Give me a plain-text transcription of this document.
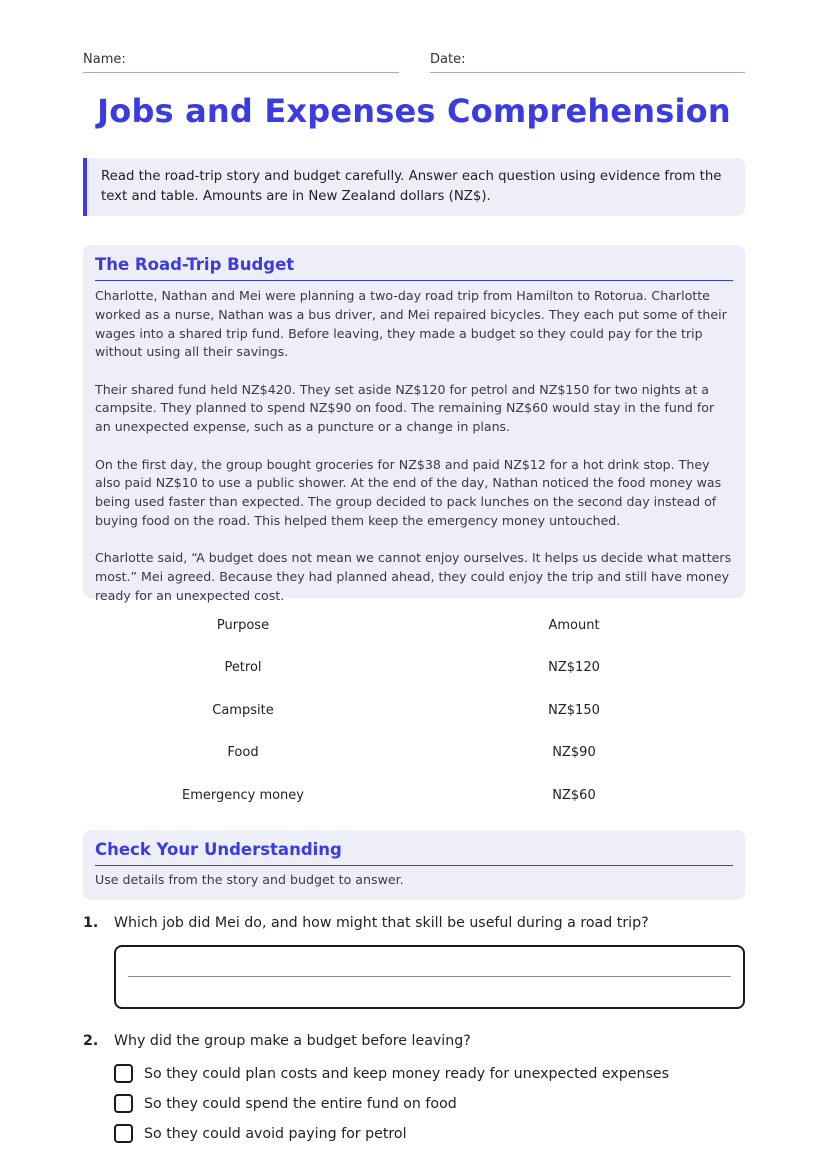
Name:	Date:
Jobs and Expenses Comprehension
Read the road-trip story and budget carefully. Answer each question using evidence from the text and table. Amounts are in New Zealand dollars (NZ$).
The Road-Trip Budget

Charlotte, Nathan and Mei were planning a two-day road trip from Hamilton to Rotorua. Charlotte worked as a nurse, Nathan was a bus driver, and Mei repaired bicycles. They each put some of their wages into a shared trip fund. Before leaving, they made a budget so they could pay for the trip without using all their savings.

Their shared fund held NZ$420. They set aside NZ$120 for petrol and NZ$150 for two nights at a campsite. They planned to spend NZ$90 on food. The remaining NZ$60 would stay in the fund for an unexpected expense, such as a puncture or a change in plans.

On the first day, the group bought groceries for NZ$38 and paid NZ$12 for a hot drink stop. They also paid NZ$10 to use a public shower. At the end of the day, Nathan noticed the food money was being used faster than expected. The group decided to pack lunches on the second day instead of buying food on the road. This helped them keep the emergency money untouched.

Charlotte said, “A budget does not mean we cannot enjoy ourselves. It helps us decide what matters most.” Mei agreed. Because they had planned ahead, they could enjoy the trip and still have money ready for an unexpected cost.

Purpose	Amount
Petrol	NZ$120
Campsite	NZ$150
Food	NZ$90
Emergency money	NZ$60
Check Your Understanding
Use details from the story and budget to answer.
1. Which job did Mei do, and how might that skill be useful during a road trip?
2. Why did the group make a budget before leaving?
So they could plan costs and keep money ready for unexpected expenses
So they could spend the entire fund on food
So they could avoid paying for petrol
